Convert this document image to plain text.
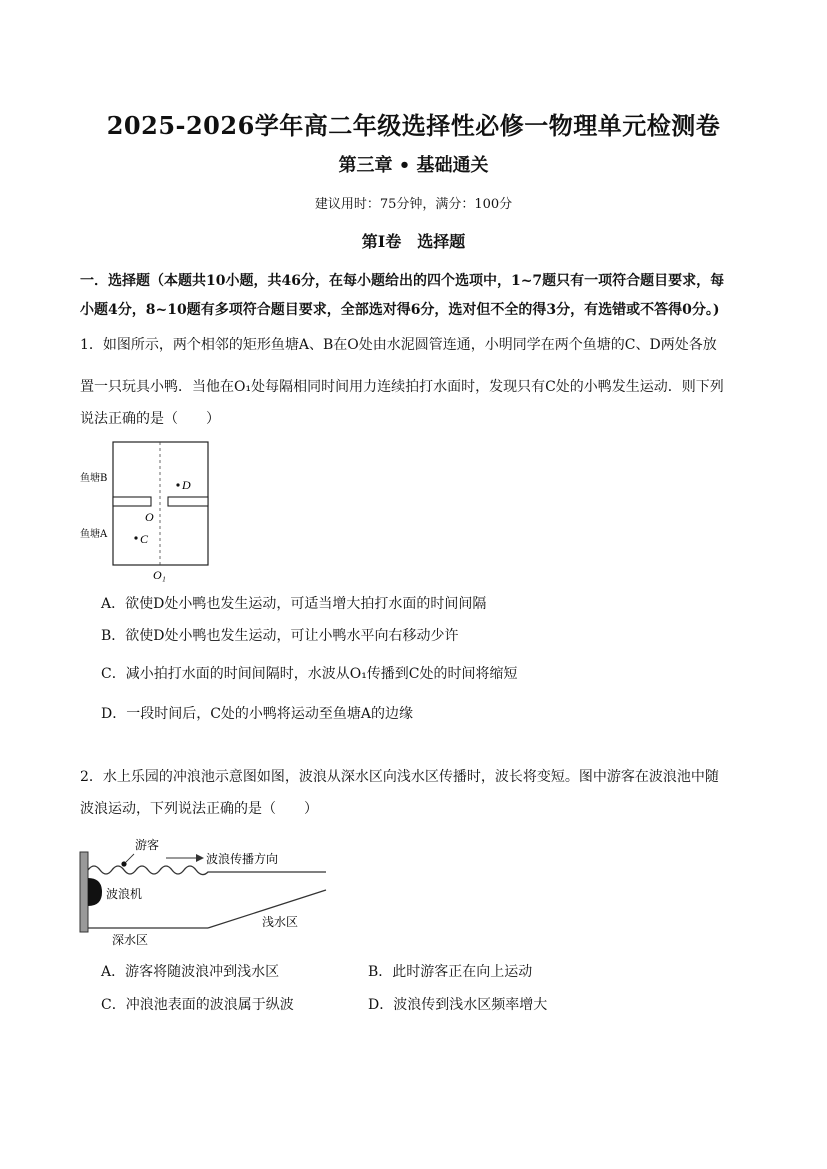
2025-2026学年高二年级选择性必修一物理单元检测卷
第三章 • 基础通关
建议用时：75分钟，满分：100分
第Ⅰ卷　选择题
一．选择题（本题共10小题，共46分，在每小题给出的四个选项中，1~7题只有一项符合题目要求，每
小题4分，8~10题有多项符合题目要求，全部选对得6分，选对但不全的得3分，有选错或不答得0分。)
1．如图所示，两个相邻的矩形鱼塘A、B在O处由水泥圆管连通，小明同学在两个鱼塘的C、D两处各放
置一只玩具小鸭．当他在O₁处每隔相同时间用力连续拍打水面时，发现只有C处的小鸭发生运动．则下列
说法正确的是（　　）
鱼塘B
鱼塘A
D
C
O
O₁
A．欲使D处小鸭也发生运动，可适当增大拍打水面的时间间隔
B．欲使D处小鸭也发生运动，可让小鸭水平向右移动少许
C．减小拍打水面的时间间隔时，水波从O₁传播到C处的时间将缩短
D．一段时间后，C处的小鸭将运动至鱼塘A的边缘
2．水上乐园的冲浪池示意图如图，波浪从深水区向浅水区传播时，波长将变短。图中游客在波浪池中随
波浪运动，下列说法正确的是（　　）
游客
波浪传播方向
波浪机
浅水区
深水区
A．游客将随波浪冲到浅水区	B．此时游客正在向上运动
C．冲浪池表面的波浪属于纵波	D．波浪传到浅水区频率增大
